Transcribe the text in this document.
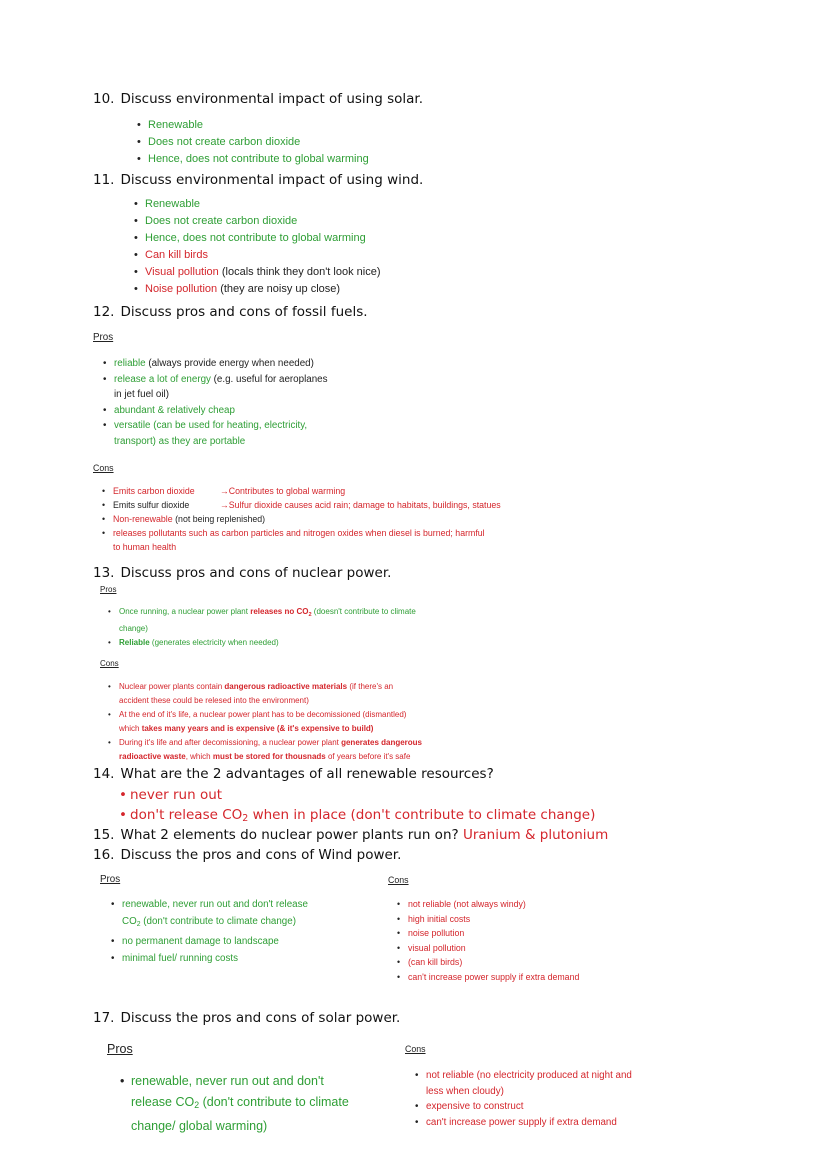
10. Discuss environmental impact of using solar.
• Renewable
• Does not create carbon dioxide
• Hence, does not contribute to global warming
11. Discuss environmental impact of using wind.
• Renewable
• Does not create carbon dioxide
• Hence, does not contribute to global warming
• Can kill birds
• Visual pollution (locals think they don't look nice)
• Noise pollution (they are noisy up close)
12. Discuss pros and cons of fossil fuels.
Pros
• reliable (always provide energy when needed)
• release a lot of energy (e.g. useful for aeroplanes
in jet fuel oil)
• abundant & relatively cheap
• versatile (can be used for heating, electricity,
transport) as they are portable
Cons
• Emits carbon dioxide	→Contributes to global warming
• Emits sulfur dioxide	→Sulfur dioxide causes acid rain; damage to habitats, buildings, statues
• Non-renewable (not being replenished)
• releases pollutants such as carbon particles and nitrogen oxides when diesel is burned; harmful
to human health
13. Discuss pros and cons of nuclear power.
Pros
• Once running, a nuclear power plant releases no $CO_2$ (doesn't contribute to climate
change)
• Reliable (generates electricity when needed)
Cons
• Nuclear power plants contain dangerous radioactive materials (if there's an
accident these could be relesed into the environment)
• At the end of it's life, a nuclear power plant has to be decomissioned (dismantled)
which takes many years and is expensive (& it's expensive to build)
• During it's life and after decomissioning, a nuclear power plant generates dangerous
radioactive waste, which must be stored for thousnads of years before it's safe
14. What are the 2 advantages of all renewable resources?
• never run out
• don't release $CO_2$ when in place (don't contribute to climate change)
15. What 2 elements do nuclear power plants run on? Uranium & plutonium
16. Discuss the pros and cons of Wind power.
Pros
• renewable, never run out and don't release
$CO_2$ (don't contribute to climate change)
• no permanent damage to landscape
• minimal fuel/ running costs
Cons
• not reliable (not always windy)
• high initial costs
• noise pollution
• visual pollution
• (can kill birds)
• can't increase power supply if extra demand
17. Discuss the pros and cons of solar power.
Pros
• renewable, never run out and don't
release $CO_2$ (don't contribute to climate
change/ global warming)
Cons
• not reliable (no electricity produced at night and
less when cloudy)
• expensive to construct
• can't increase power supply if extra demand
